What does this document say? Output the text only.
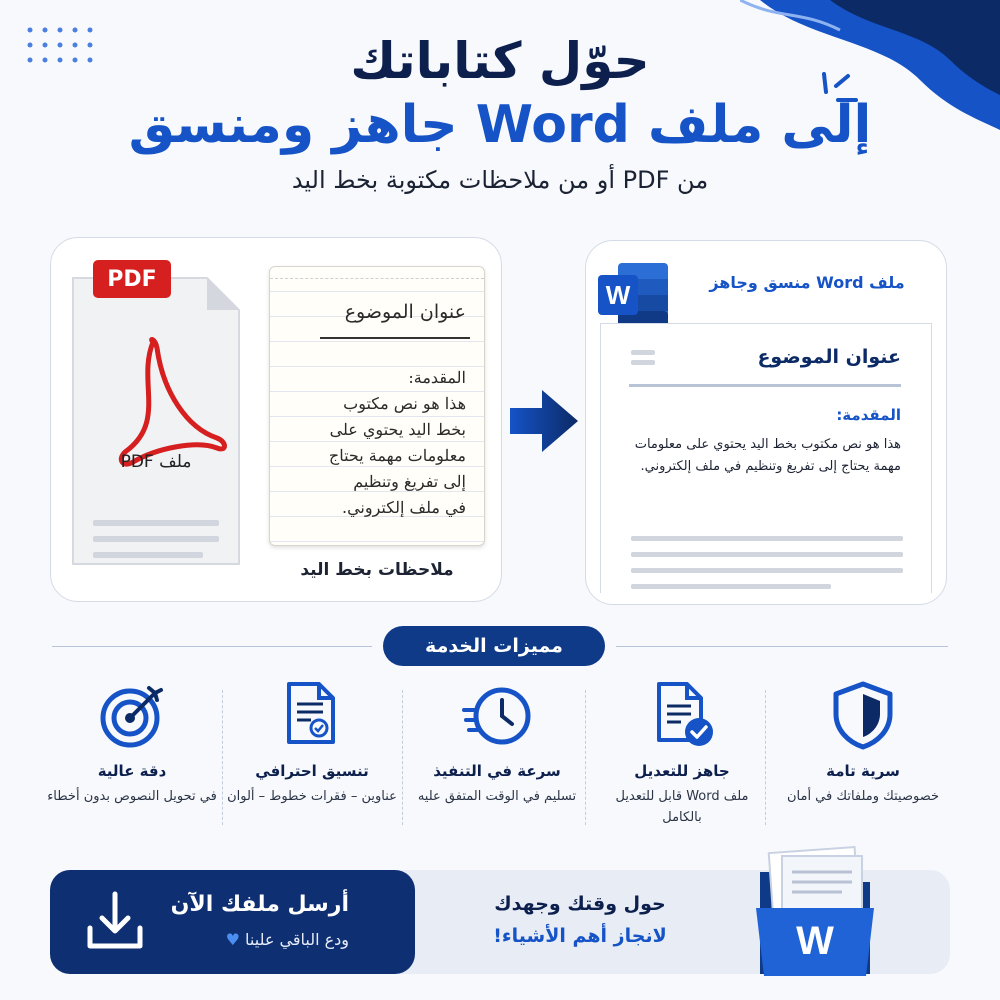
حوّل كتاباتك
إلى ملف Word جاهز ومنسق
من PDF أو من ملاحظات مكتوبة بخط اليد
PDF
ملف PDF
عنوان الموضوع
المقدمة:
هذا هو نص مكتوب
بخط اليد يحتوي على
معلومات مهمة يحتاج
إلى تفريغ وتنظيم
في ملف إلكتروني.
ملاحظات بخط اليد
W	ملف Word منسق وجاهز
عنوان الموضوع
المقدمة:
هذا هو نص مكتوب بخط اليد يحتوي على معلومات مهمة يحتاج إلى تفريغ وتنظيم في ملف إلكتروني.
مميزات الخدمة
سرية تامة
خصوصيتك وملفاتك في أمان
جاهز للتعديل
ملف Word قابل للتعديل بالكامل
سرعة في التنفيذ
تسليم في الوقت المتفق عليه
تنسيق احترافي
عناوين – فقرات خطوط – ألوان
دقة عالية
في تحويل النصوص بدون أخطاء
أرسل ملفك الآن
ودع الباقي علينا ♥
حول وقتك وجهدك
لانجاز أهم الأشياء!	W
